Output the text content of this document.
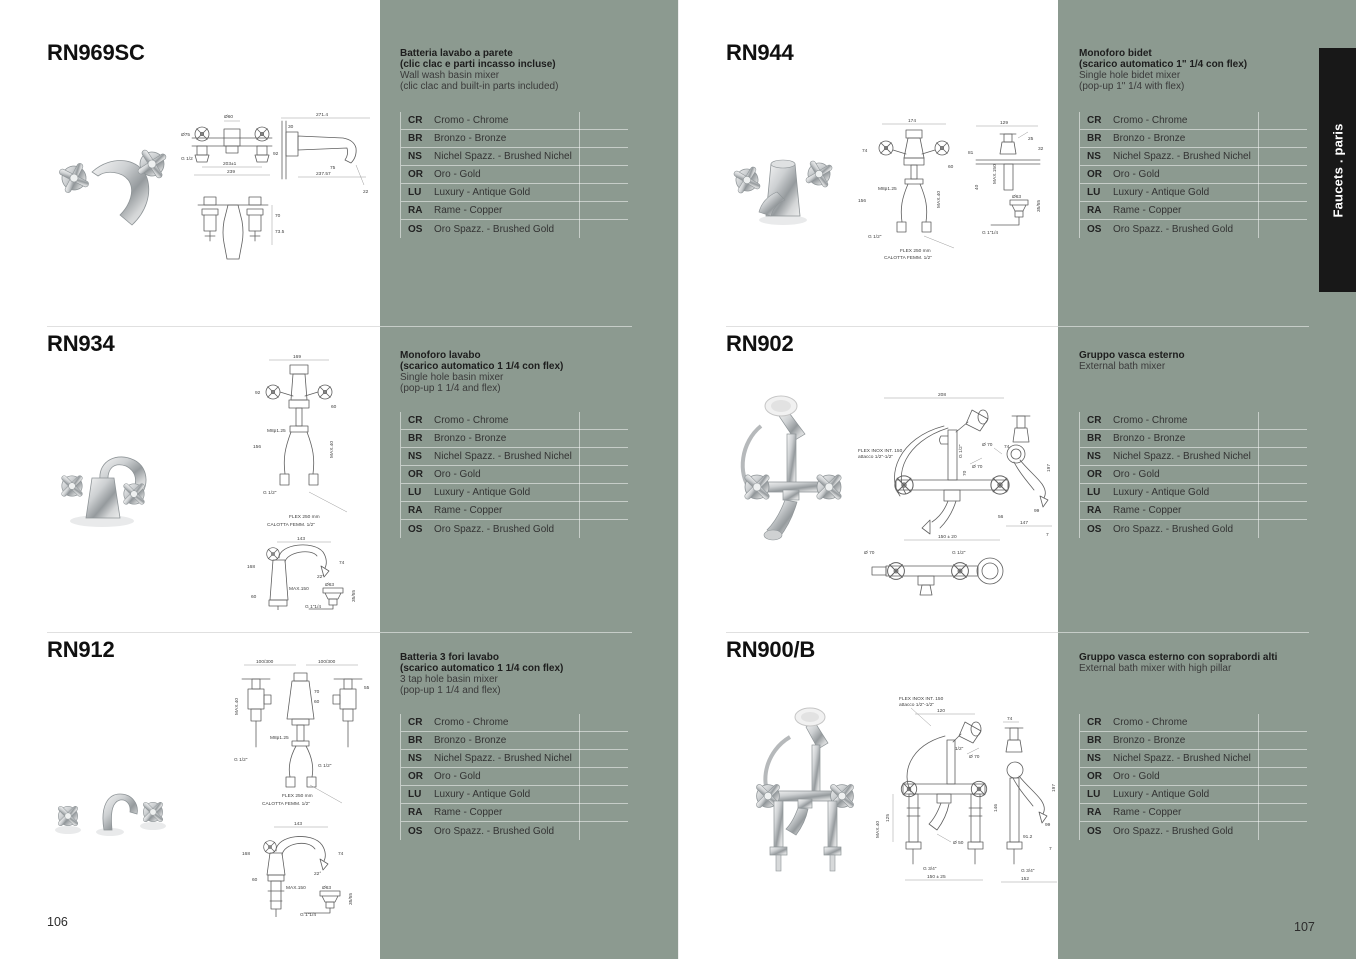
RN969SC
Ø60
Ø75
G 1/2
203±1
239
271.4
30
92
75
237.57
22
70
73.5
Batteria lavabo a parete
(clic clac e parti incasso incluse)
Wall wash basin mixer
(clic clac and built-in parts included)
CR	Cromo - Chrome
BR	Bronzo - Bronze
NS	Nichel Spazz. - Brushed Nichel
OR	Oro - Gold
LU	Luxury - Antique Gold
RA	Rame - Copper
OS	Oro Spazz. - Brushed Gold
RN934
169
92
60
M8p1.25
156	MAX.40
G 1/2"
FLEX 250 mm
CALOTTA FEMM. 1/2"
143
168
22°
74
60
MAX.150
Ø63
35/55
G 1"1/4
Monoforo lavabo
(scarico automatico 1 1/4 con flex)
Single hole basin mixer
(pop-up 1 1/4 and flex)
CR	Cromo - Chrome
BR	Bronzo - Bronze
NS	Nichel Spazz. - Brushed Nichel
OR	Oro - Gold
LU	Luxury - Antique Gold
RA	Rame - Copper
OS	Oro Spazz. - Brushed Gold
RN912
100/300	100/300
55
70
60
M8p1.25
MAX.40
G 1/2"
G 1/2"
FLEX 250 mm
CALOTTA FEMM. 1/2"
143
168
22°
74
60
MAX.150	Ø63
35/55
G 1"1/4
Batteria 3 fori lavabo
(scarico automatico 1 1/4 con flex)
3 tap hole basin mixer
(pop-up 1 1/4 and flex)
CR	Cromo - Chrome
BR	Bronzo - Bronze
NS	Nichel Spazz. - Brushed Nichel
OR	Oro - Gold
LU	Luxury - Antique Gold
RA	Rame - Copper
OS	Oro Spazz. - Brushed Gold
106
RN944
174
74
60
M8p1.25
156	MAX.40
G 1/2"
FLEX 250 mm
CALOTTA FEMM. 1/2"
129
81
25
32
MAX.150
40
Ø63
35/55
G 1"1/4
Monoforo bidet
(scarico automatico 1" 1/4 con flex)
Single hole bidet mixer
(pop-up 1" 1/4 with flex)
CR	Cromo - Chrome
BR	Bronzo - Bronze
NS	Nichel Spazz. - Brushed Nichel
OR	Oro - Gold
LU	Luxury - Antique Gold
RA	Rame - Copper
OS	Oro Spazz. - Brushed Gold
RN902
208
FLEX INOX INT. 150
attacco 1/2"-1/2"	G 1/2"
Ø 70
70
150 ± 20
74
197
Ø 70
99
56
147
7
Ø 70	G 1/2"
Gruppo vasca esterno
External bath mixer
CR	Cromo - Chrome
BR	Bronzo - Bronze
NS	Nichel Spazz. - Brushed Nichel
OR	Oro - Gold
LU	Luxury - Antique Gold
RA	Rame - Copper
OS	Oro Spazz. - Brushed Gold
RN900/B
FLEX INOX INT. 150
attacco 1/2"-1/2"
120
1/2"
Ø 70
125
MAX.40
Ø 50
G 3/4"
150 ± 25
74
197
146
99
91.2
7
G 3/4"
152
Gruppo vasca esterno con soprabordi alti
External bath mixer with high pillar
CR	Cromo - Chrome
BR	Bronzo - Bronze
NS	Nichel Spazz. - Brushed Nichel
OR	Oro - Gold
LU	Luxury - Antique Gold
RA	Rame - Copper
OS	Oro Spazz. - Brushed Gold
Faucets . paris
107
